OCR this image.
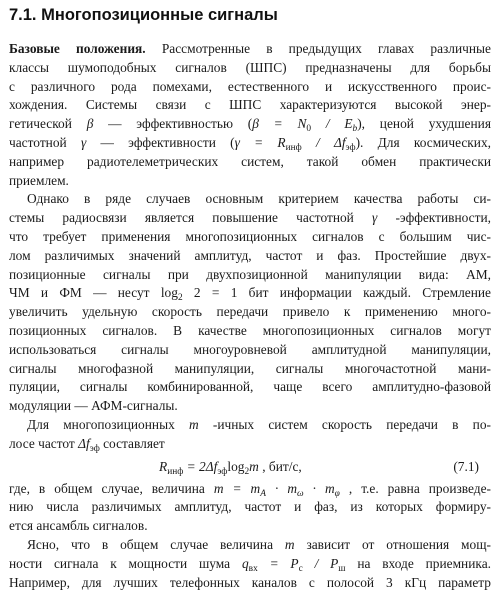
7.1. Многопозиционные сигналы

Базовые положения. Рассмотренные в предыдущих главах различные
классы шумоподобных сигналов (ШПС) предназначены для борьбы
с различного рода помехами, естественного и искусственного проис-
хождения. Системы связи с ШПС характеризуются высокой энер-
гетической β — эффективностью $(\beta = N_0 / E_b)$, ценой ухудшения
частотной γ — эффективности $(\gamma = R_{инф} / \Delta f_{эф})$. Для космических,
например радиотелеметрических систем, такой обмен практически
приемлем.

Однако в ряде случаев основным критерием качества работы си-
стемы радиосвязи является повышение частотной γ -эффективности,
что требует применения многопозиционных сигналов с большим чис-
лом различимых значений амплитуд, частот и фаз. Простейшие двух-
позиционные сигналы при двухпозиционной манипуляции вида: АМ,
ЧМ и ФМ — несут $\log_2 2 = 1$ бит информации каждый. Стремление
увеличить удельную скорость передачи привело к применению много-
позиционных сигналов. В качестве многопозиционных сигналов могут
использоваться сигналы многоуровневой амплитудной манипуляции,
сигналы многофазной манипуляции, сигналы многочастотной мани-
пуляции, сигналы комбинированной, чаще всего амплитудно-фазовой
модуляции — АФМ-сигналы.

Для многопозиционных m -ичных систем скорость передачи в по-
лосе частот $\Delta f_{эф}$ составляет

$R_{инф} = 2\Delta f_{эф}\log_2m$ , бит/с,	(7.1)

где, в общем случае, величина $m = m_A \cdot m_\omega \cdot m_\varphi$ , т.е. равна произведе-
нию числа различимых амплитуд, частот и фаз, из которых формиру-
ется ансамбль сигналов.

Ясно, что в общем случае величина m зависит от отношения мощ-
ности сигнала к мощности шума $q_{вх} = P_c / P_ш$ на входе приемника.
Например, для лучших телефонных каналов с полосой 3 кГц параметр
